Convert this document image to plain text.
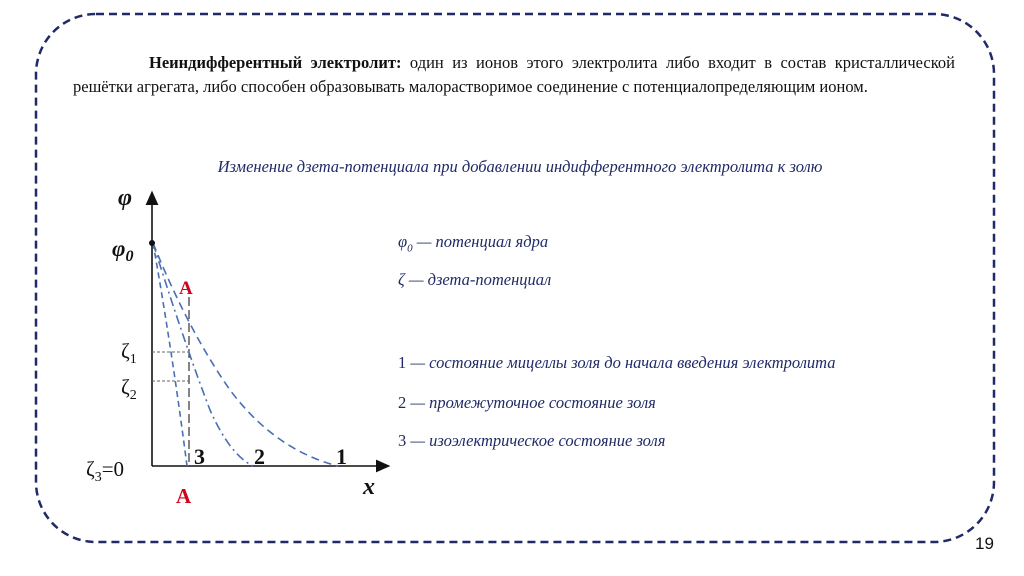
Неиндифферентный электролит: один из ионов этого электролита либо входит в состав кристаллической решётки агрегата, либо способен образовывать малорастворимое соединение с потенциалопределяющим ионом.
Изменение дзета-потенциала при добавлении индифферентного электролита к золю
φ
x
$\varphi_0$
$\zeta_1$
$\zeta_2$
$\zeta_3=0$
A
A
3 2	1
$\varphi_0$ — потенциал ядра
ζ — дзета-потенциал
1 — состояние мицеллы золя до начала введения электролита
2 — промежуточное состояние золя
3 — изоэлектрическое состояние золя
19
